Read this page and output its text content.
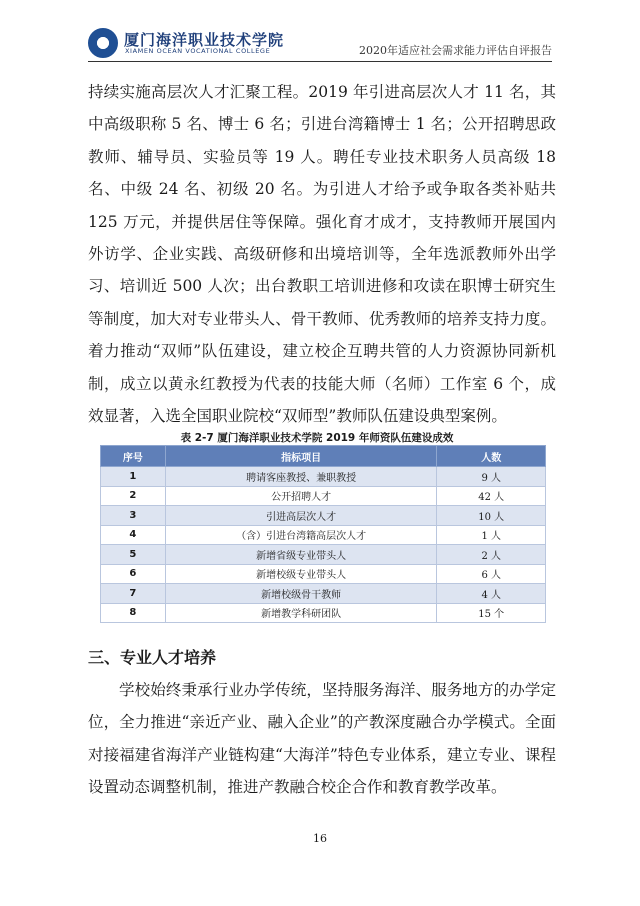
厦门海洋职业技术学院
XIAMEN OCEAN VOCATIONAL COLLEGE	2020年适应社会需求能力评估自评报告

持续实施高层次人才汇聚工程。2019 年引进高层次人才 11 名，其中高级职称 5 名、博士 6 名；引进台湾籍博士 1 名；公开招聘思政教师、辅导员、实验员等 19 人。聘任专业技术职务人员高级 18 名、中级 24 名、初级 20 名。为引进人才给予或争取各类补贴共 125 万元，并提供居住等保障。强化育才成才，支持教师开展国内外访学、企业实践、高级研修和出境培训等，全年选派教师外出学习、培训近 500 人次；出台教职工培训进修和攻读在职博士研究生等制度，加大对专业带头人、骨干教师、优秀教师的培养支持力度。着力推动“双师”队伍建设，建立校企互聘共管的人力资源协同新机制，成立以黄永红教授为代表的技能大师（名师）工作室 6 个，成效显著，入选全国职业院校“双师型”教师队伍建设典型案例。

表 2-7 厦门海洋职业技术学院 2019 年师资队伍建设成效
序号	指标项目	人数
1	聘请客座教授、兼职教授	9 人
2	公开招聘人才	42 人
3	引进高层次人才	10 人
4	（含）引进台湾籍高层次人才	1 人
5	新增省级专业带头人	2 人
6	新增校级专业带头人	6 人
7	新增校级骨干教师	4 人
8	新增教学科研团队	15 个
三、专业人才培养

学校始终秉承行业办学传统，坚持服务海洋、服务地方的办学定位，全力推进“亲近产业、融入企业”的产教深度融合办学模式。全面对接福建省海洋产业链构建“大海洋”特色专业体系，建立专业、课程设置动态调整机制，推进产教融合校企合作和教育教学改革。

16
